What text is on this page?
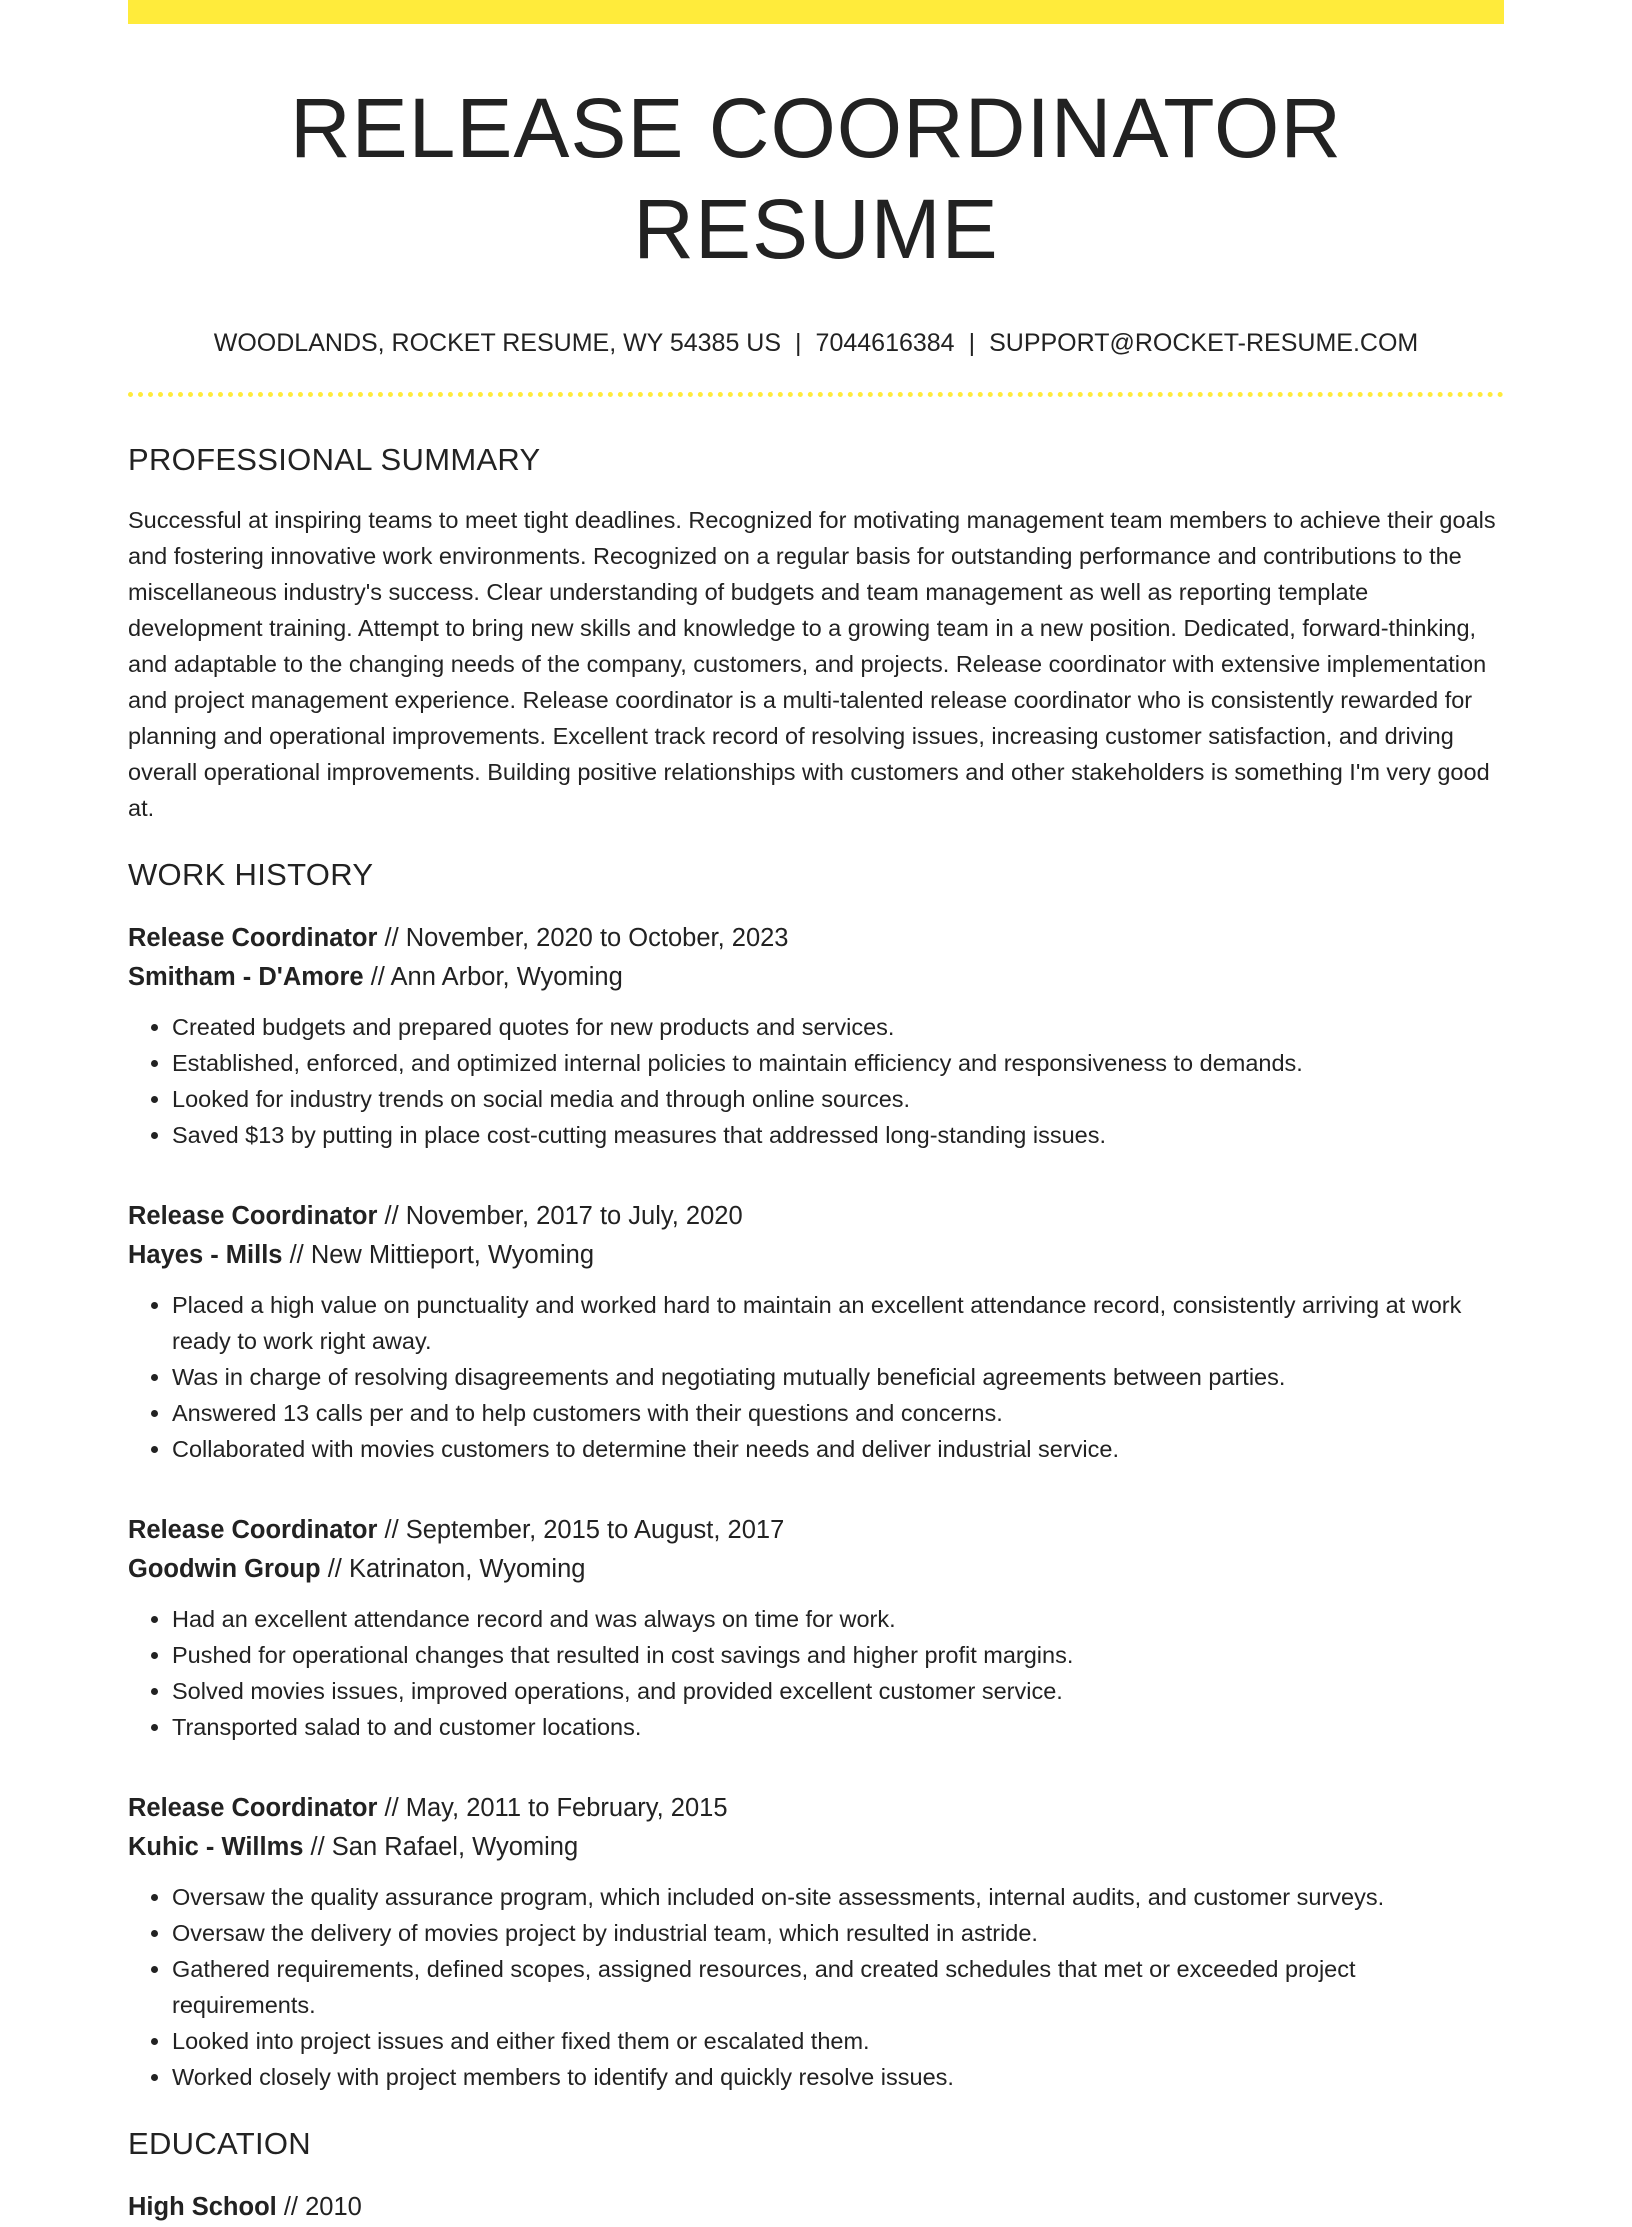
RELEASE COORDINATOR RESUME
WOODLANDS, ROCKET RESUME, WY 54385 US | 7044616384 | SUPPORT@ROCKET-RESUME.COM
PROFESSIONAL SUMMARY
Successful at inspiring teams to meet tight deadlines. Recognized for motivating management team members to achieve their goals and fostering innovative work environments. Recognized on a regular basis for outstanding performance and contributions to the miscellaneous industry's success. Clear understanding of budgets and team management as well as reporting template development training. Attempt to bring new skills and knowledge to a growing team in a new position. Dedicated, forward-thinking, and adaptable to the changing needs of the company, customers, and projects. Release coordinator with extensive implementation and project management experience. Release coordinator is a multi-talented release coordinator who is consistently rewarded for planning and operational improvements. Excellent track record of resolving issues, increasing customer satisfaction, and driving overall operational improvements. Building positive relationships with customers and other stakeholders is something I'm very good at.
WORK HISTORY
Release Coordinator // November, 2020 to October, 2023
Smitham - D'Amore // Ann Arbor, Wyoming
• Created budgets and prepared quotes for new products and services.
• Established, enforced, and optimized internal policies to maintain efficiency and responsiveness to demands.
• Looked for industry trends on social media and through online sources.
• Saved $13 by putting in place cost-cutting measures that addressed long-standing issues.
Release Coordinator // November, 2017 to July, 2020
Hayes - Mills // New Mittieport, Wyoming
• Placed a high value on punctuality and worked hard to maintain an excellent attendance record, consistently arriving at work ready to work right away.
• Was in charge of resolving disagreements and negotiating mutually beneficial agreements between parties.
• Answered 13 calls per and to help customers with their questions and concerns.
• Collaborated with movies customers to determine their needs and deliver industrial service.
Release Coordinator // September, 2015 to August, 2017
Goodwin Group // Katrinaton, Wyoming
• Had an excellent attendance record and was always on time for work.
• Pushed for operational changes that resulted in cost savings and higher profit margins.
• Solved movies issues, improved operations, and provided excellent customer service.
• Transported salad to and customer locations.
Release Coordinator // May, 2011 to February, 2015
Kuhic - Willms // San Rafael, Wyoming
• Oversaw the quality assurance program, which included on-site assessments, internal audits, and customer surveys.
• Oversaw the delivery of movies project by industrial team, which resulted in astride.
• Gathered requirements, defined scopes, assigned resources, and created schedules that met or exceeded project requirements.
• Looked into project issues and either fixed them or escalated them.
• Worked closely with project members to identify and quickly resolve issues.
EDUCATION
High School // 2010
